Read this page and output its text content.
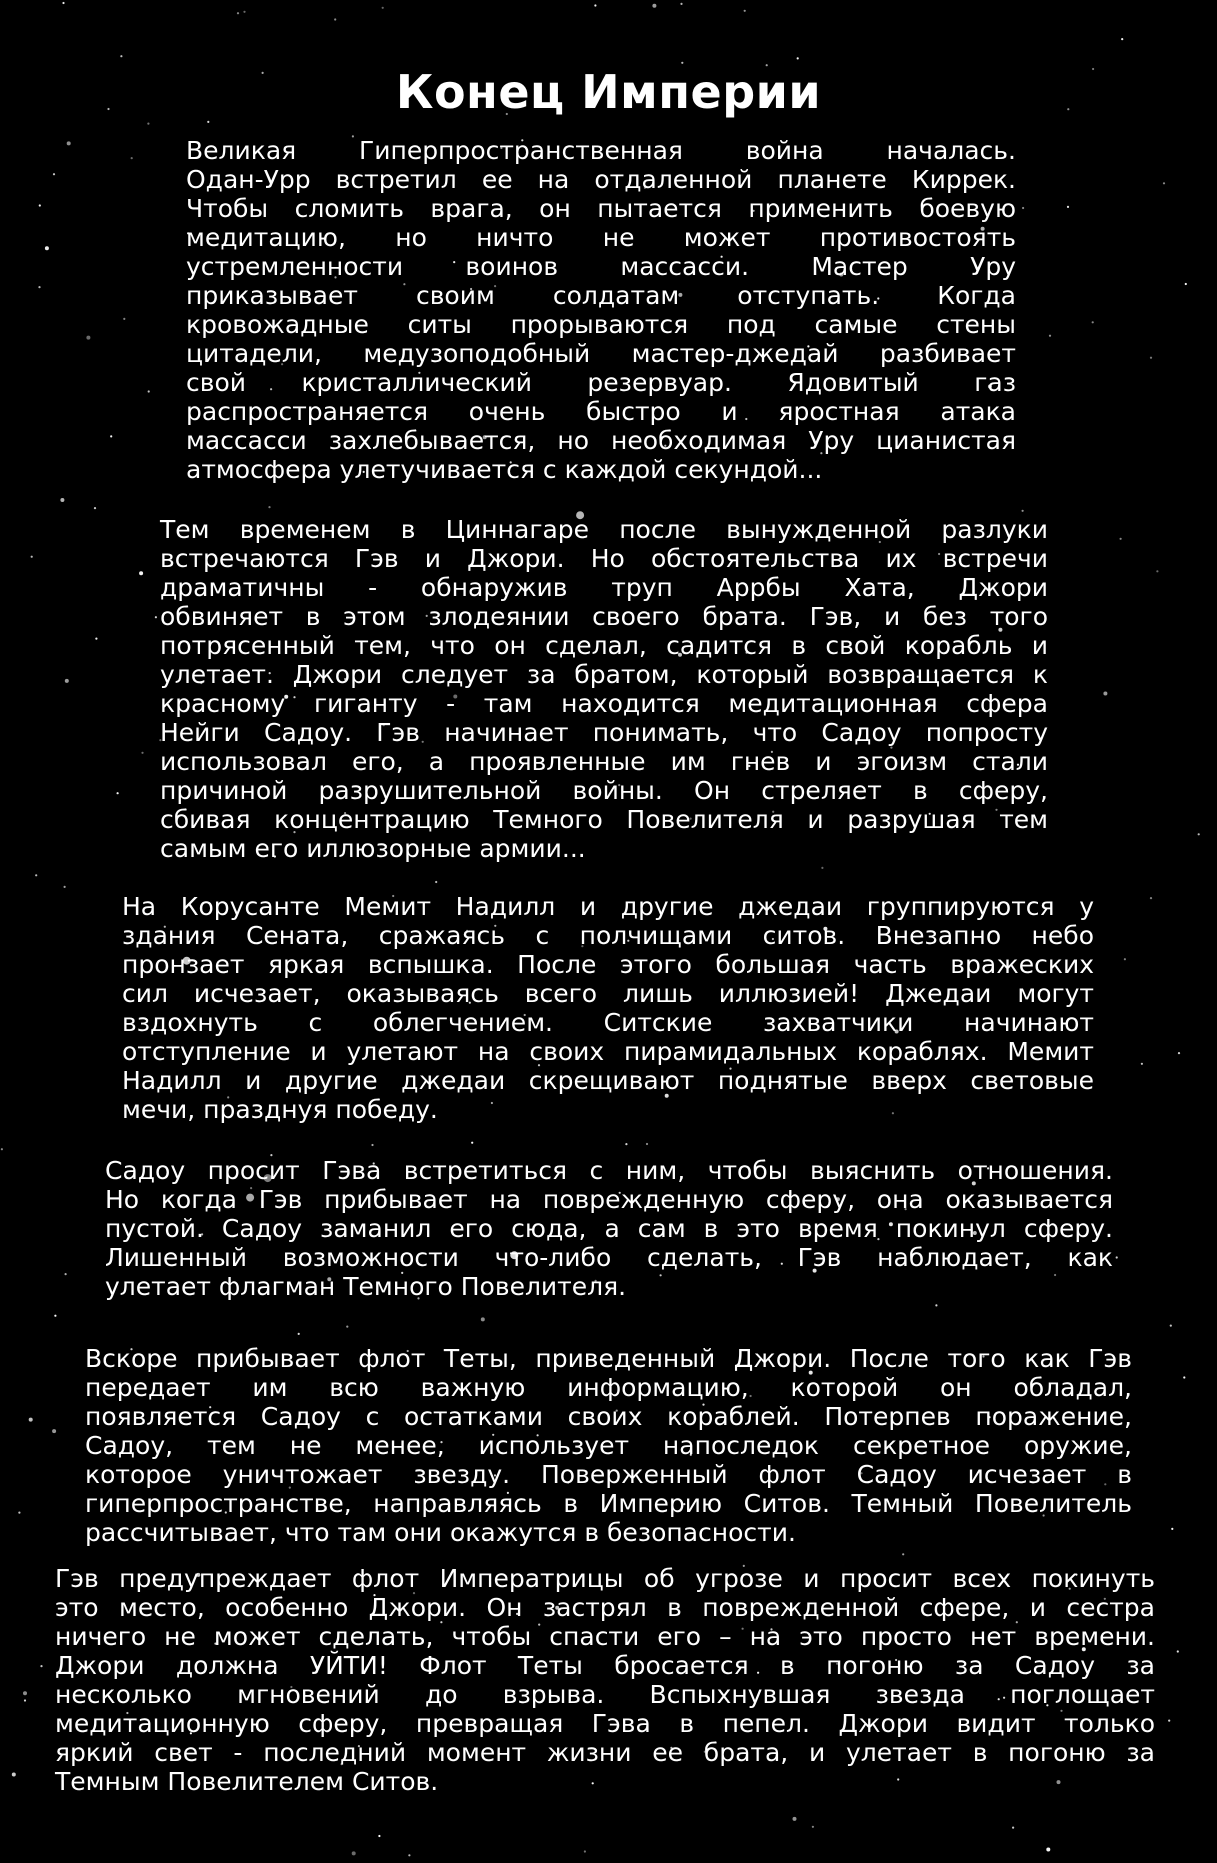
Конец Империи
Великая Гиперпространственная война началась.
Одан-Урр встретил ее на отдаленной планете Киррек.
Чтобы сломить врага, он пытается применить боевую
медитацию, но ничто не может противостоять
устремленности воинов массасси. Мастер Уру
приказывает своим солдатам отступать. Когда
кровожадные ситы прорываются под самые стены
цитадели, медузоподобный мастер-джедай разбивает
свой кристаллический резервуар. Ядовитый газ
распространяется очень быстро и яростная атака
массасси захлебывается, но необходимая Уру цианистая
атмосфера улетучивается с каждой секундой...
Тем временем в Циннагаре после вынужденной разлуки
встречаются Гэв и Джори. Но обстоятельства их встречи
драматичны - обнаружив труп Аррбы Хата, Джори
обвиняет в этом злодеянии своего брата. Гэв, и без того
потрясенный тем, что он сделал, садится в свой корабль и
улетает. Джори следует за братом, который возвращается к
красному гиганту - там находится медитационная сфера
Нейги Садоу. Гэв начинает понимать, что Садоу попросту
использовал его, а проявленные им гнев и эгоизм стали
причиной разрушительной войны. Он стреляет в сферу,
сбивая концентрацию Темного Повелителя и разрушая тем
самым его иллюзорные армии...
На Корусанте Мемит Надилл и другие джедаи группируются у
здания Сената, сражаясь с полчищами ситов. Внезапно небо
пронзает яркая вспышка. После этого большая часть вражеских
сил исчезает, оказываясь всего лишь иллюзией! Джедаи могут
вздохнуть с облегчением. Ситские захватчики начинают
отступление и улетают на своих пирамидальных кораблях. Мемит
Надилл и другие джедаи скрещивают поднятые вверх световые
мечи, празднуя победу.
Садоу просит Гэва встретиться с ним, чтобы выяснить отношения.
Но когда Гэв прибывает на поврежденную сферу, она оказывается
пустой. Садоу заманил его сюда, а сам в это время покинул сферу.
Лишенный возможности что-либо сделать, Гэв наблюдает, как
улетает флагман Темного Повелителя.
Вскоре прибывает флот Теты, приведенный Джори. После того как Гэв
передает им всю важную информацию, которой он обладал,
появляется Садоу с остатками своих кораблей. Потерпев поражение,
Садоу, тем не менее, использует напоследок секретное оружие,
которое уничтожает звезду. Поверженный флот Садоу исчезает в
гиперпространстве, направляясь в Империю Ситов. Темный Повелитель
рассчитывает, что там они окажутся в безопасности.
Гэв предупреждает флот Императрицы об угрозе и просит всех покинуть
это место, особенно Джори. Он застрял в поврежденной сфере, и сестра
ничего не может сделать, чтобы спасти его – на это просто нет времени.
Джори должна УЙТИ! Флот Теты бросается в погоню за Садоу за
несколько мгновений до взрыва. Вспыхнувшая звезда поглощает
медитационную сферу, превращая Гэва в пепел. Джори видит только
яркий свет - последний момент жизни ее брата, и улетает в погоню за
Темным Повелителем Ситов.
